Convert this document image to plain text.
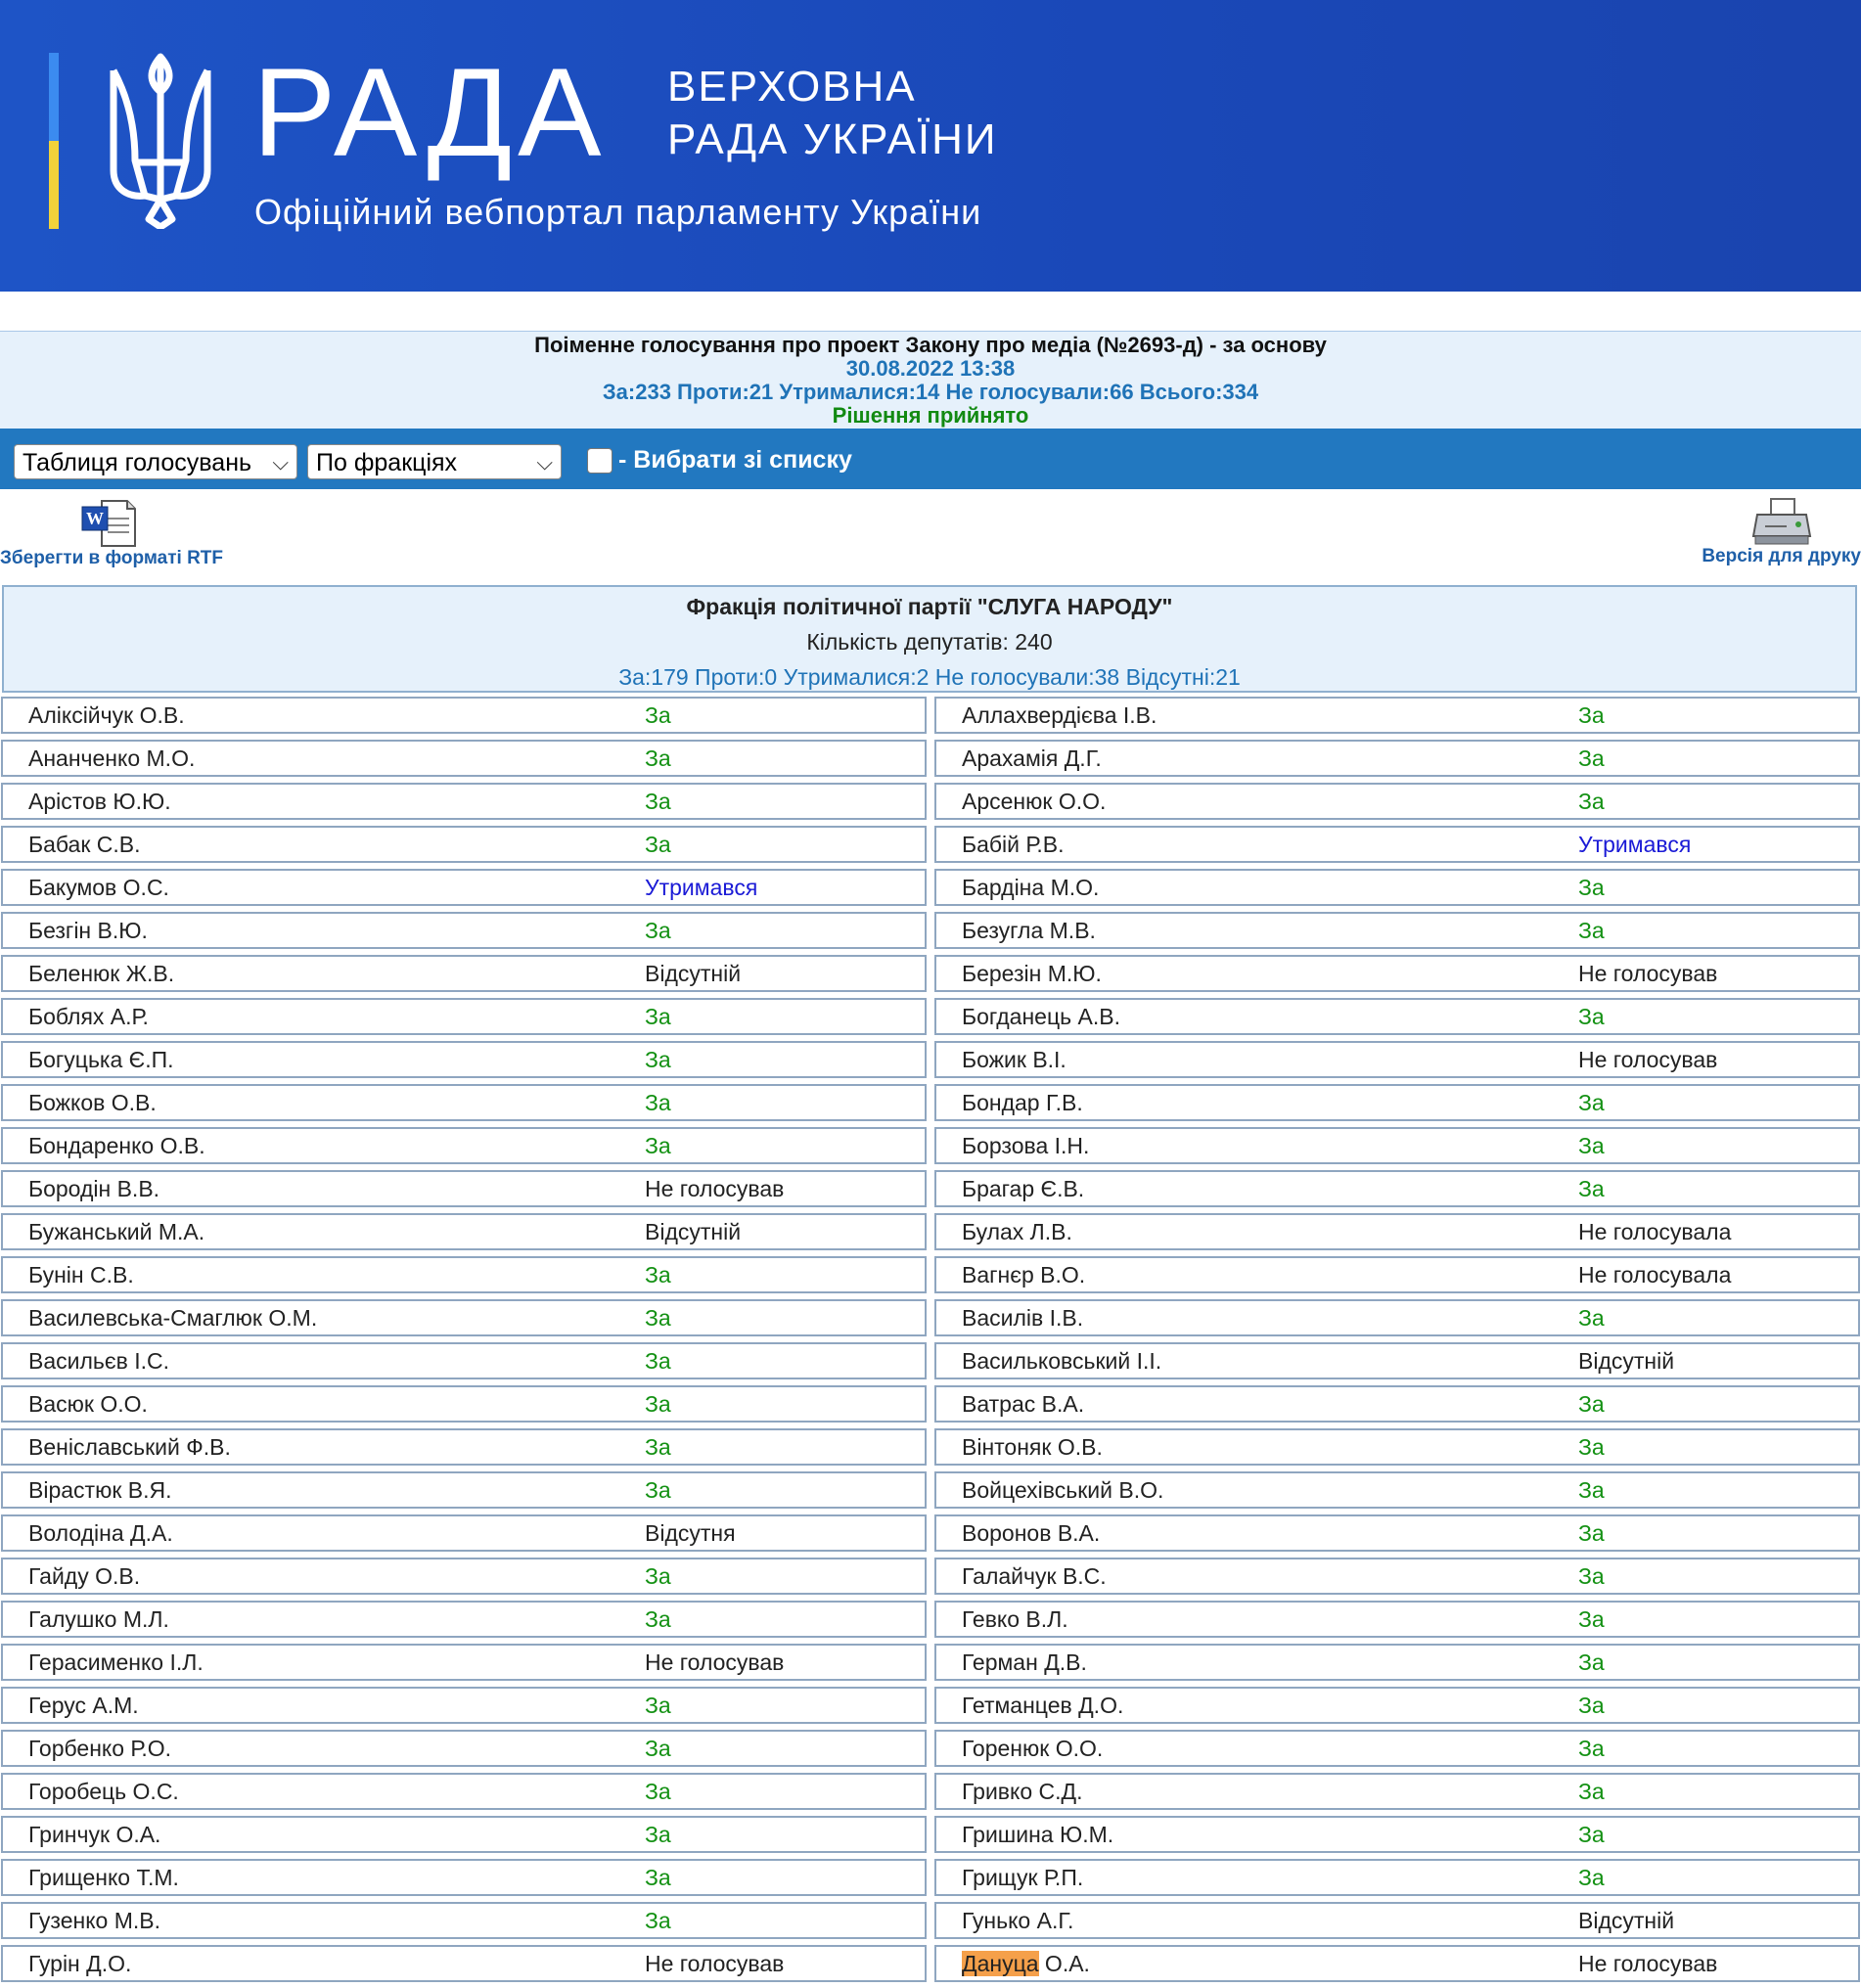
РАДА ВЕРХОВНА
РАДА УКРАЇНИ
Офіційний вебпортал парламенту України
Поіменне голосування про проект Закону про медіа (№2693-д) - за основу
30.08.2022 13:38
За:233 Проти:21 Утрималися:14 Не голосували:66 Всього:334
Рішення прийнято
Таблиця голосувань ⌵	По фракціях	⌵	- Вибрати зі списку
W
Зберегти в форматі RTF	Версія для друку
Фракція політичної партії "СЛУГА НАРОДУ"
Кількість депутатів: 240
За:179 Проти:0 Утрималися:2 Не голосували:38 Відсутні:21
Аліксійчук О.В.	За	Аллахвердієва І.В.	За
Ананченко М.О.	За	Арахамія Д.Г.	За
Арістов Ю.Ю.	За	Арсенюк О.О.	За
Бабак С.В.	За	Бабій Р.В.	Утримався
Бакумов О.С.	Утримався	Бардіна М.О.	За
Безгін В.Ю.	За	Безугла М.В.	За
Беленюк Ж.В.	Відсутній	Березін М.Ю.	Не голосував
Боблях А.Р.	За	Богданець А.В.	За
Богуцька Є.П.	За	Божик В.І.	Не голосував
Божков О.В.	За	Бондар Г.В.	За
Бондаренко О.В.	За	Борзова І.Н.	За
Бородін В.В.	Не голосував	Брагар Є.В.	За
Бужанський М.А.	Відсутній	Булах Л.В.	Не голосувала
Бунін С.В.	За	Вагнєр В.О.	Не голосувала
Василевська-Смаглюк О.М.	За	Василів І.В.	За
Васильєв І.С.	За	Васильковський І.І.	Відсутній
Васюк О.О.	За	Ватрас В.А.	За
Веніславський Ф.В.	За	Вінтоняк О.В.	За
Вірастюк В.Я.	За	Войцехівський В.О.	За
Володіна Д.А.	Відсутня	Воронов В.А.	За
Гайду О.В.	За	Галайчук В.С.	За
Галушко М.Л.	За	Гевко В.Л.	За
Герасименко І.Л.	Не голосував	Герман Д.В.	За
Герус А.М.	За	Гетманцев Д.О.	За
Горбенко Р.О.	За	Горенюк О.О.	За
Горобець О.С.	За	Гривко С.Д.	За
Гринчук О.А.	За	Гришина Ю.М.	За
Грищенко Т.М.	За	Грищук Р.П.	За
Гузенко М.В.	За	Гунько А.Г.	Відсутній
Гурін Д.О.	Не голосував	Дануца О.А.	Не голосував
